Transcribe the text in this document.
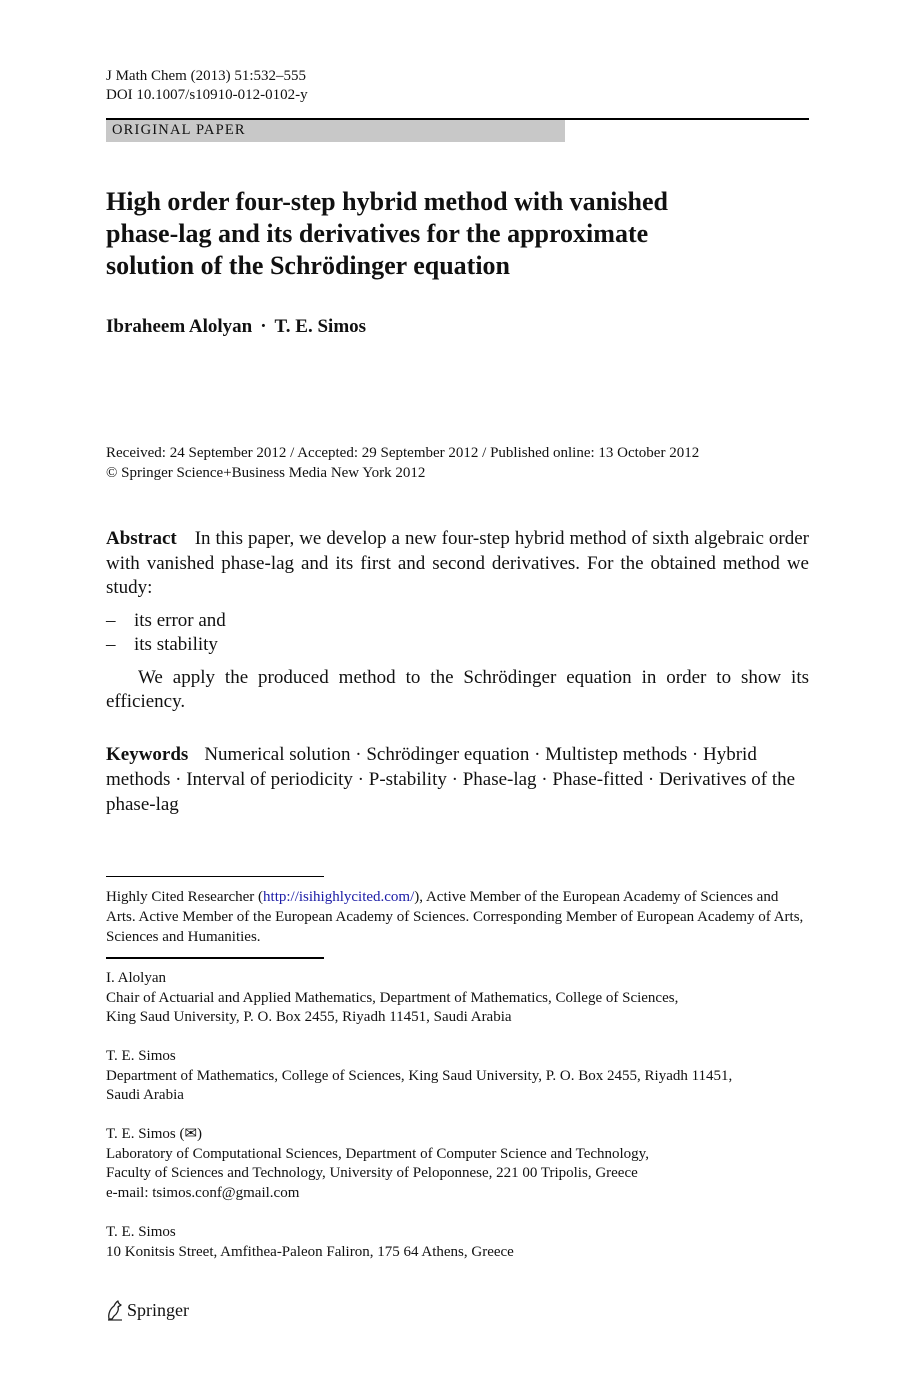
J Math Chem (2013) 51:532–555
DOI 10.1007/s10910-012-0102-y
ORIGINAL PAPER
High order four-step hybrid method with vanished
phase-lag and its derivatives for the approximate
solution of the Schrödinger equation
Ibraheem Alolyan · T. E. Simos
Received: 24 September 2012 / Accepted: 29 September 2012 / Published online: 13 October 2012
© Springer Science+Business Media New York 2012

Abstract In this paper, we develop a new four-step hybrid method of sixth algebraic order with vanished phase-lag and its first and second derivatives. For the obtained method we study:

– its error and
– its stability

We apply the produced method to the Schrödinger equation in order to show its efficiency.

Keywords Numerical solution · Schrödinger equation · Multistep methods · Hybrid methods · Interval of periodicity · P-stability · Phase-lag · Phase-fitted · Derivatives of the phase-lag
Highly Cited Researcher (http://isihighlycited.com/), Active Member of the European Academy of Sciences and Arts. Active Member of the European Academy of Sciences. Corresponding Member of European Academy of Arts, Sciences and Humanities.
I. Alolyan
Chair of Actuarial and Applied Mathematics, Department of Mathematics, College of Sciences,
King Saud University, P. O. Box 2455, Riyadh 11451, Saudi Arabia
T. E. Simos
Department of Mathematics, College of Sciences, King Saud University, P. O. Box 2455, Riyadh 11451,
Saudi Arabia
T. E. Simos (✉)
Laboratory of Computational Sciences, Department of Computer Science and Technology,
Faculty of Sciences and Technology, University of Peloponnese, 221 00 Tripolis, Greece
e-mail: tsimos.conf@gmail.com
T. E. Simos
10 Konitsis Street, Amfithea-Paleon Faliron, 175 64 Athens, Greece
Springer
